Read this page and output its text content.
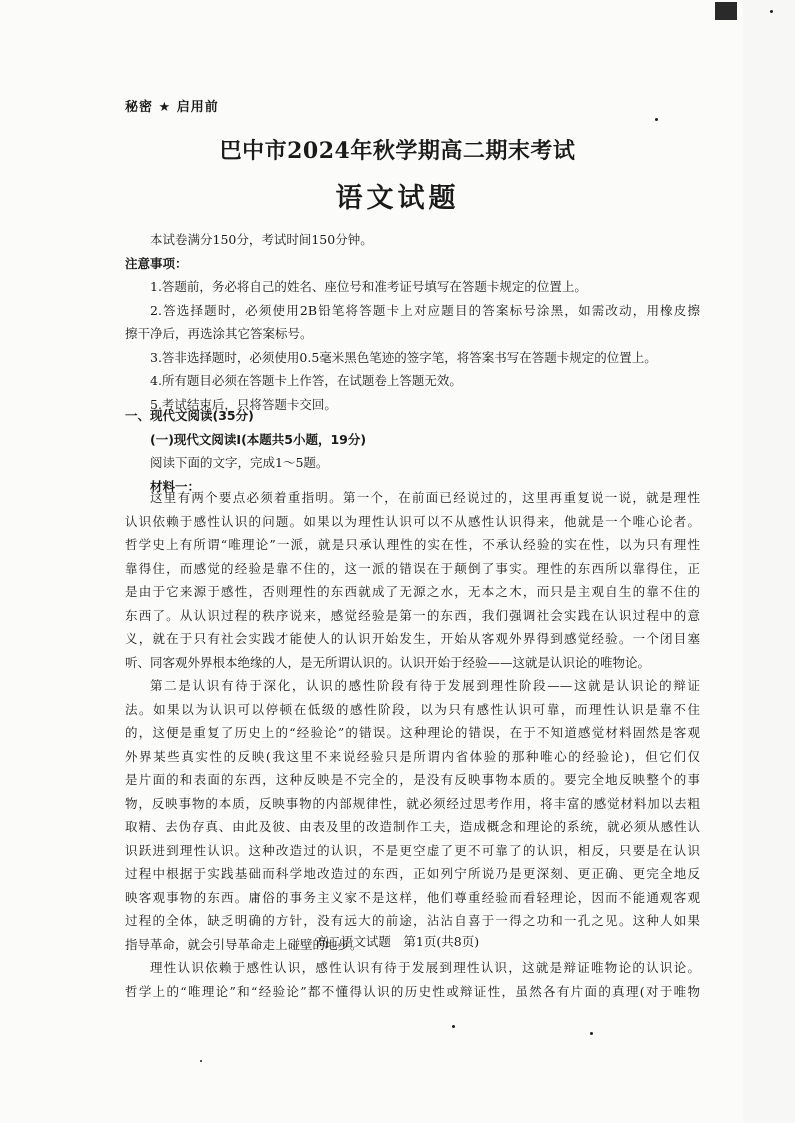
秘密 ★ 启用前
巴中市2024年秋学期高二期末考试
语文试题
本试卷满分150分，考试时间150分钟。
注意事项：
1.答题前，务必将自己的姓名、座位号和准考证号填写在答题卡规定的位置上。
2.答选择题时，必须使用2B铅笔将答题卡上对应题目的答案标号涂黑，如需改动，用橡皮擦
擦干净后，再选涂其它答案标号。
3.答非选择题时，必须使用0.5毫米黑色笔迹的签字笔，将答案书写在答题卡规定的位置上。
4.所有题目必须在答题卡上作答，在试题卷上答题无效。
5.考试结束后，只将答题卡交回。
一、现代文阅读(35分)
(一)现代文阅读Ⅰ(本题共5小题，19分)
阅读下面的文字，完成1～5题。
材料一：
这里有两个要点必须着重指明。第一个，在前面已经说过的，这里再重复说一说，就是理性
认识依赖于感性认识的问题。如果以为理性认识可以不从感性认识得来，他就是一个唯心论者。
哲学史上有所谓“唯理论”一派，就是只承认理性的实在性，不承认经验的实在性，以为只有理性
靠得住，而感觉的经验是靠不住的，这一派的错误在于颠倒了事实。理性的东西所以靠得住，正
是由于它来源于感性，否则理性的东西就成了无源之水，无本之木，而只是主观自生的靠不住的
东西了。从认识过程的秩序说来，感觉经验是第一的东西，我们强调社会实践在认识过程中的意
义，就在于只有社会实践才能使人的认识开始发生，开始从客观外界得到感觉经验。一个闭目塞
听、同客观外界根本绝缘的人，是无所谓认识的。认识开始于经验——这就是认识论的唯物论。
第二是认识有待于深化，认识的感性阶段有待于发展到理性阶段——这就是认识论的辩证
法。如果以为认识可以停顿在低级的感性阶段，以为只有感性认识可靠，而理性认识是靠不住
的，这便是重复了历史上的“经验论”的错误。这种理论的错误，在于不知道感觉材料固然是客观
外界某些真实性的反映(我这里不来说经验只是所谓内省体验的那种唯心的经验论)，但它们仅
是片面的和表面的东西，这种反映是不完全的，是没有反映事物本质的。要完全地反映整个的事
物，反映事物的本质，反映事物的内部规律性，就必须经过思考作用，将丰富的感觉材料加以去粗
取精、去伪存真、由此及彼、由表及里的改造制作工夫，造成概念和理论的系统，就必须从感性认
识跃进到理性认识。这种改造过的认识，不是更空虚了更不可靠了的认识，相反，只要是在认识
过程中根据于实践基础而科学地改造过的东西，正如列宁所说乃是更深刻、更正确、更完全地反
映客观事物的东西。庸俗的事务主义家不是这样，他们尊重经验而看轻理论，因而不能通观客观
过程的全体，缺乏明确的方针，没有远大的前途，沾沾自喜于一得之功和一孔之见。这种人如果
指导革命，就会引导革命走上碰壁的地步。
理性认识依赖于感性认识，感性认识有待于发展到理性认识，这就是辩证唯物论的认识论。
哲学上的“唯理论”和“经验论”都不懂得认识的历史性或辩证性，虽然各有片面的真理(对于唯物
高二语文试题　第1页(共8页)
